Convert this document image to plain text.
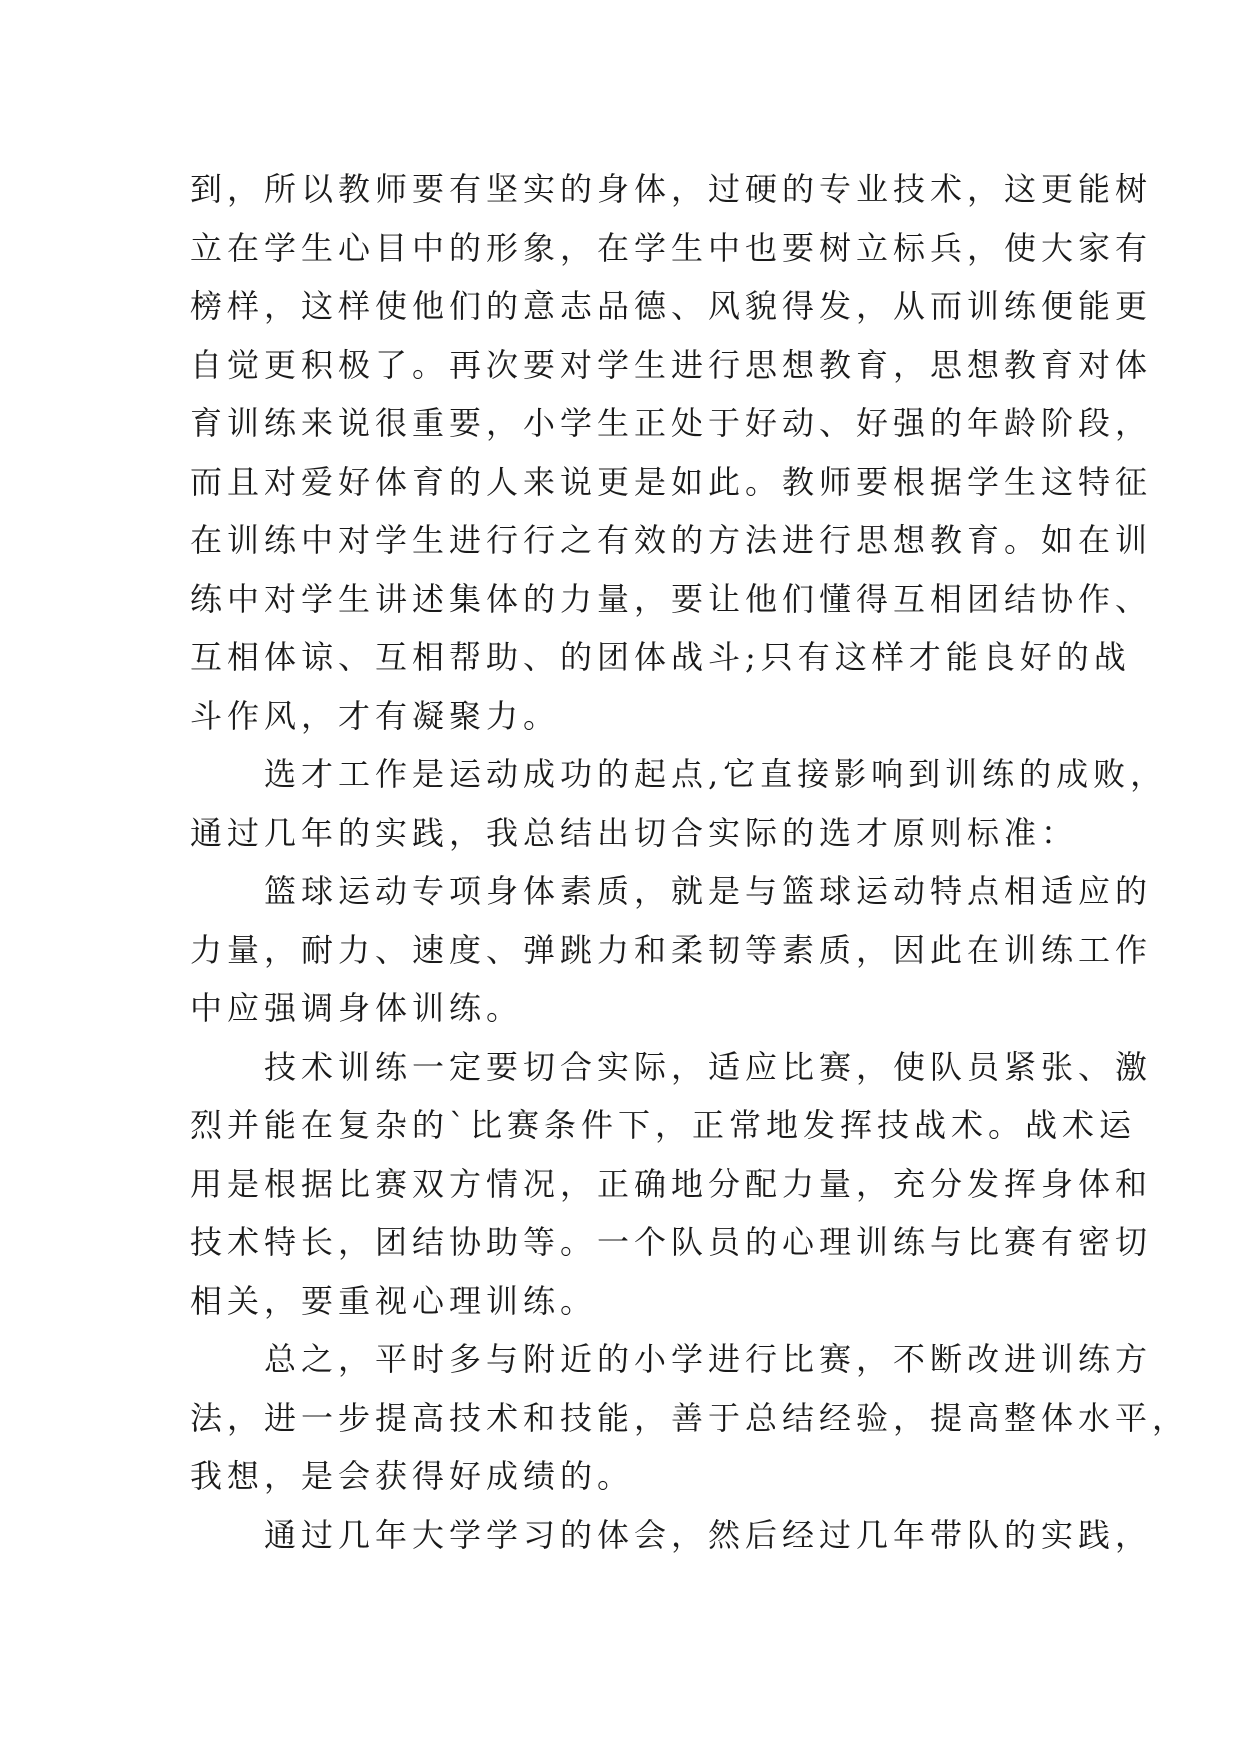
到，所以教师要有坚实的身体，过硬的专业技术，这更能树

立在学生心目中的形象，在学生中也要树立标兵，使大家有

榜样，这样使他们的意志品德、风貌得发，从而训练便能更

自觉更积极了。再次要对学生进行思想教育，思想教育对体

育训练来说很重要，小学生正处于好动、好强的年龄阶段，

而且对爱好体育的人来说更是如此。教师要根据学生这特征

在训练中对学生进行行之有效的方法进行思想教育。如在训

练中对学生讲述集体的力量，要让他们懂得互相团结协作、

互相体谅、互相帮助、的团体战斗;只有这样才能良好的战

斗作风，才有凝聚力。

　　选才工作是运动成功的起点,它直接影响到训练的成败，

通过几年的实践，我总结出切合实际的选才原则标准：

　　篮球运动专项身体素质，就是与篮球运动特点相适应的

力量，耐力、速度、弹跳力和柔韧等素质，因此在训练工作

中应强调身体训练。

　　技术训练一定要切合实际，适应比赛，使队员紧张、激

烈并能在复杂的`比赛条件下，正常地发挥技战术。战术运

用是根据比赛双方情况，正确地分配力量，充分发挥身体和

技术特长，团结协助等。一个队员的心理训练与比赛有密切

相关，要重视心理训练。

　　总之，平时多与附近的小学进行比赛，不断改进训练方

法，进一步提高技术和技能，善于总结经验，提高整体水平，

我想，是会获得好成绩的。

　　通过几年大学学习的体会，然后经过几年带队的实践，
